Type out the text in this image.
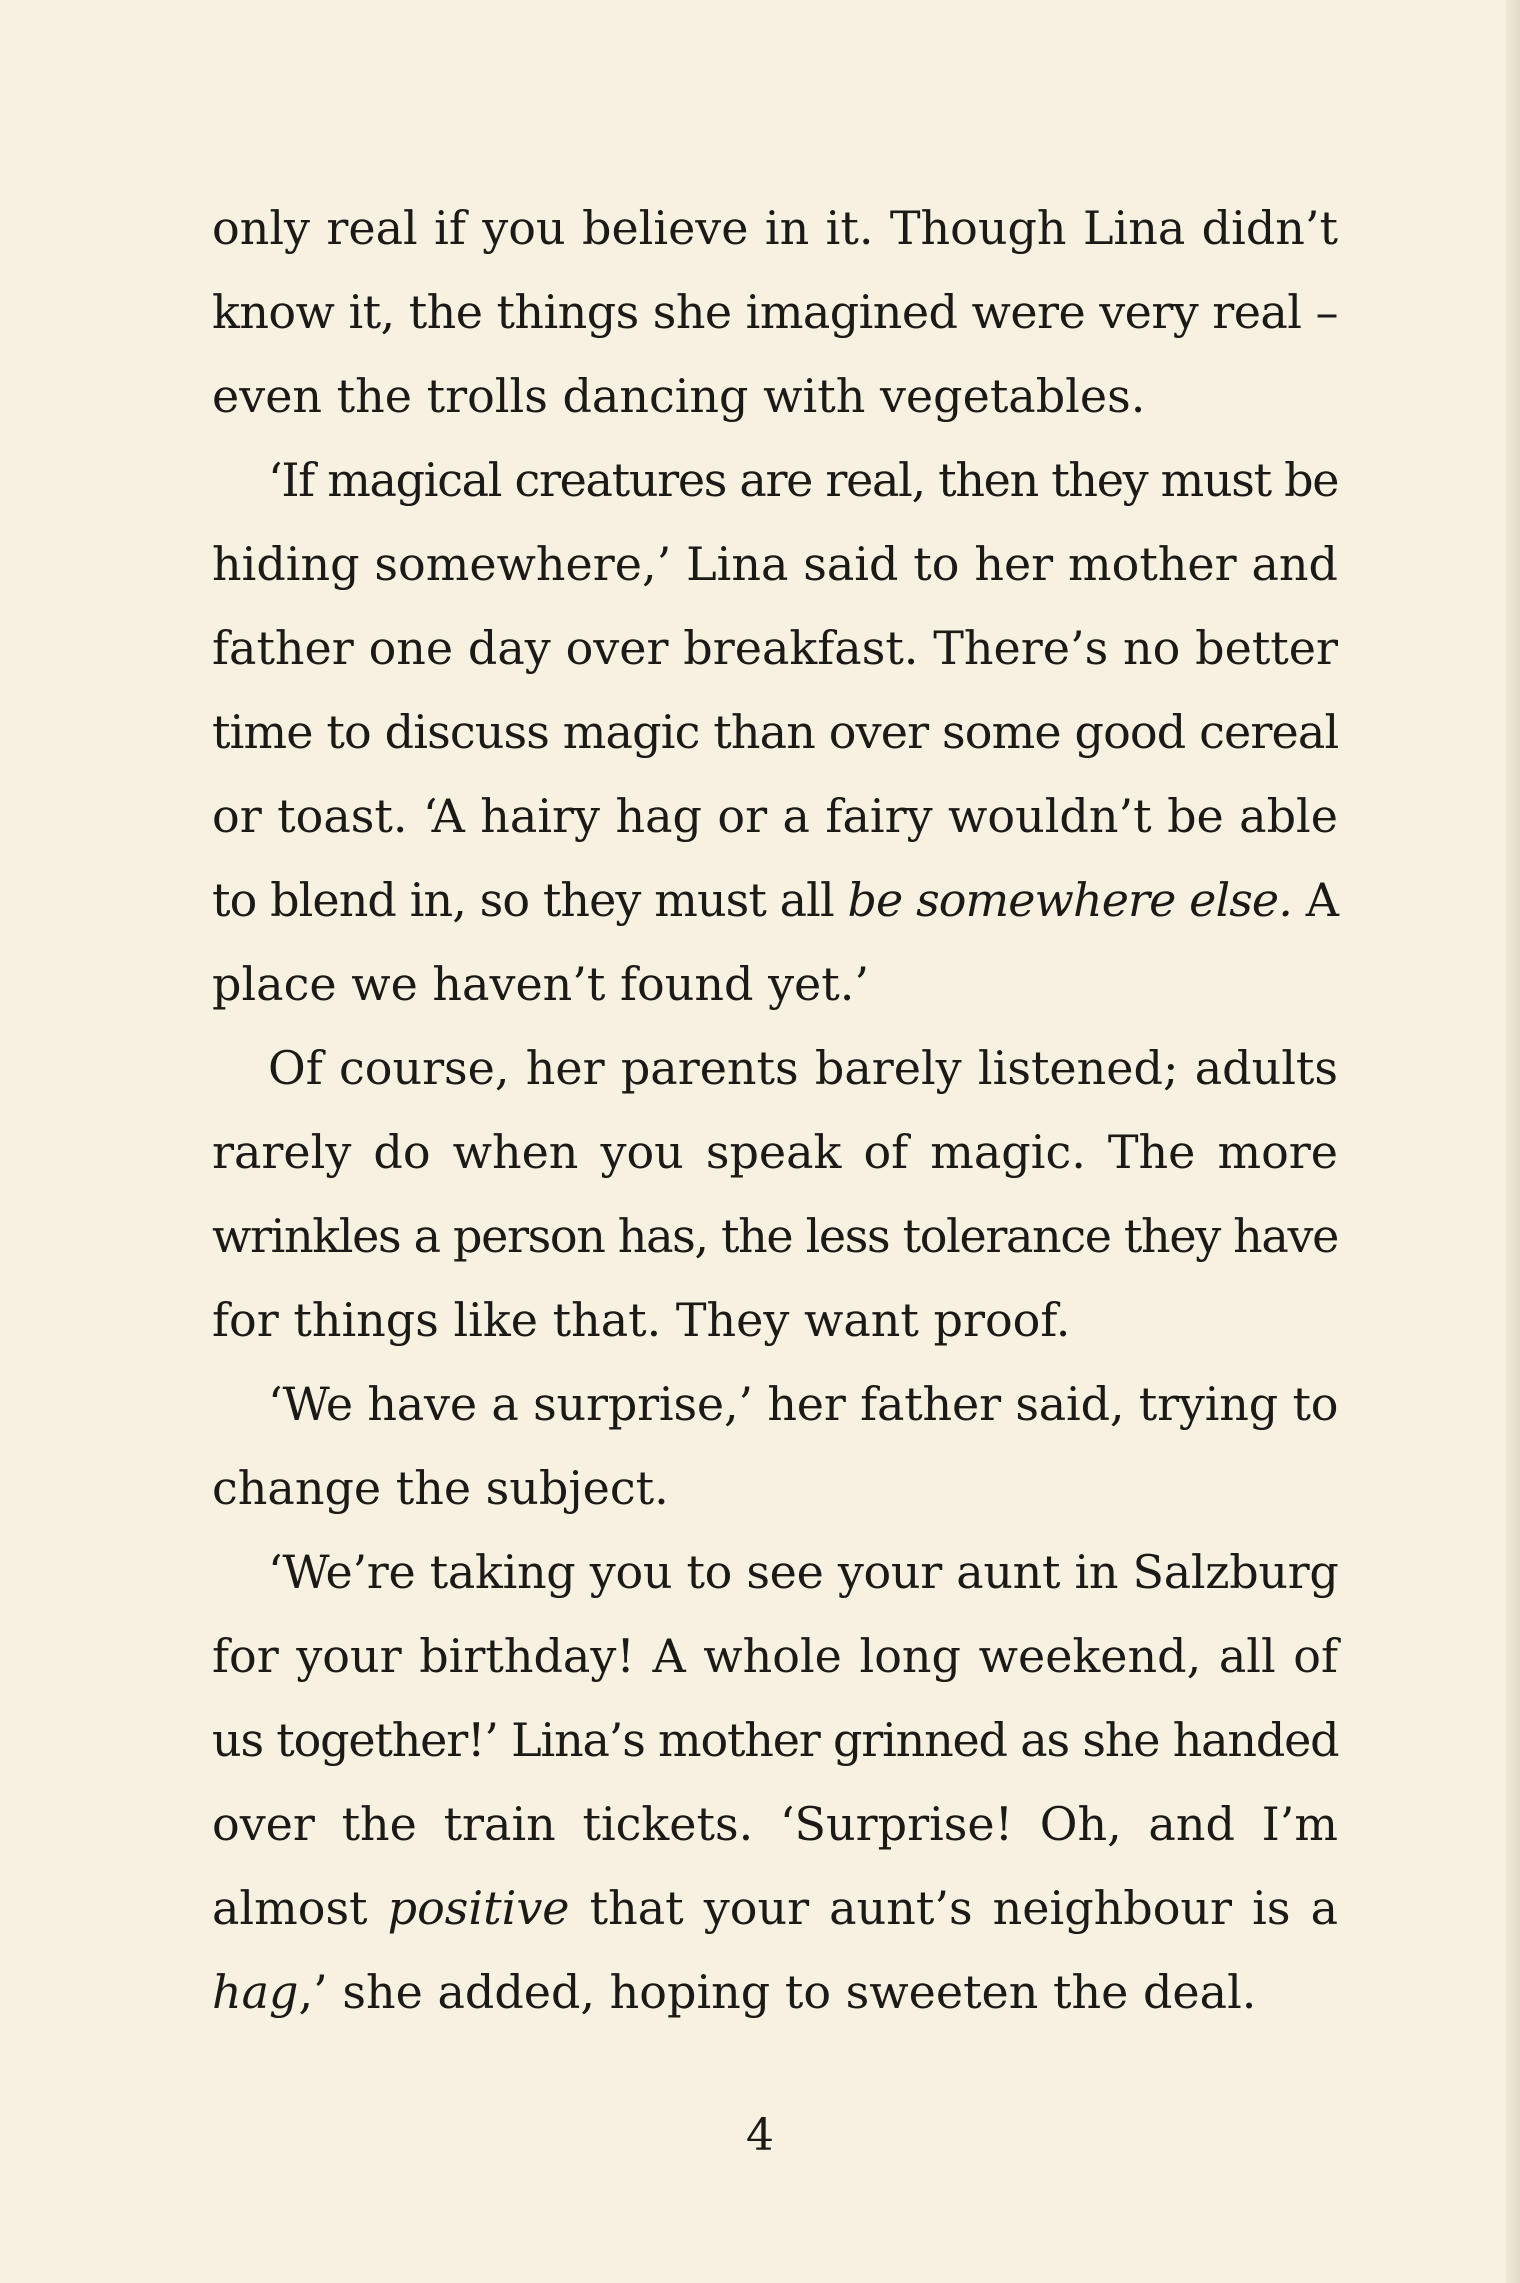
only real if you believe in it. Though Lina didn’t
know it, the things she imagined were very real –
even the trolls dancing with vegetables.

‘If magical creatures are real, then they must be
hiding somewhere,’ Lina said to her mother and
father one day over breakfast. There’s no better
time to discuss magic than over some good cereal
or toast. ‘A hairy hag or a fairy wouldn’t be able
to blend in, so they must all be somewhere else. A
place we haven’t found yet.’

Of course, her parents barely listened; adults
rarely do when you speak of magic. The more
wrinkles a person has, the less tolerance they have
for things like that. They want proof.

‘We have a surprise,’ her father said, trying to
change the subject.

‘We’re taking you to see your aunt in Salzburg
for your birthday! A whole long weekend, all of
us together!’ Lina’s mother grinned as she handed
over the train tickets. ‘Surprise! Oh, and I’m
almost positive that your aunt’s neighbour is a
hag,’ she added, hoping to sweeten the deal.

4
